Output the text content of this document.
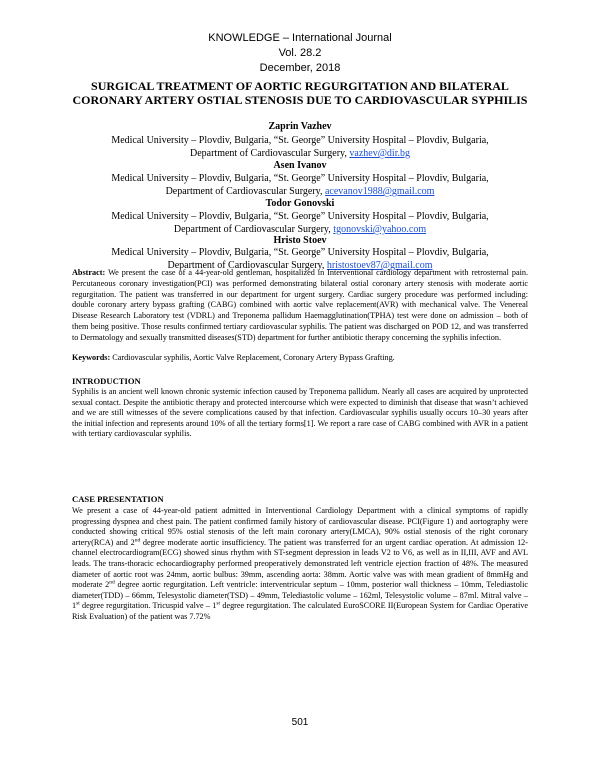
KNOWLEDGE – International Journal
Vol. 28.2
December, 2018
SURGICAL TREATMENT OF AORTIC REGURGITATION AND BILATERAL CORONARY ARTERY OSTIAL STENOSIS DUE TO CARDIOVASCULAR SYPHILIS
Zaprin Vazhev
Medical University – Plovdiv, Bulgaria, “St. George” University Hospital – Plovdiv, Bulgaria,
Department of Cardiovascular Surgery, vazhev@dir.bg
Asen Ivanov
Medical University – Plovdiv, Bulgaria, “St. George” University Hospital – Plovdiv, Bulgaria,
Department of Cardiovascular Surgery, acevanov1988@gmail.com
Todor Gonovski
Medical University – Plovdiv, Bulgaria, “St. George” University Hospital – Plovdiv, Bulgaria,
Department of Cardiovascular Surgery, tgonovski@yahoo.com
Hristo Stoev
Medical University – Plovdiv, Bulgaria, “St. George” University Hospital – Plovdiv, Bulgaria,
Department of Cardiovascular Surgery, hristostoev87@gmail.com
Abstract: We present the case of a 44-year-old gentleman, hospitalized in Interventional cardiology department with retrosternal pain. Percutaneous coronary investigation(PCI) was performed demonstrating bilateral ostial coronary artery stenosis with moderate aortic regurgitation. The patient was transferred in our department for urgent surgery. Cardiac surgery procedure was performed including: double coronary artery bypass grafting (CABG) combined with aortic valve replacement(AVR) with mechanical valve. The Venereal Disease Research Laboratory test (VDRL) and Treponema pallidum Haemagglutination(TPHA) test were done on admission – both of them being positive. Those results confirmed tertiary cardiovascular syphilis. The patient was discharged on POD 12, and was transferred to Dermatology and sexually transmitted diseases(STD) department for further antibiotic therapy concerning the syphilis infection.
Keywords: Cardiovascular syphilis, Aortic Valve Replacement, Coronary Artery Bypass Grafting.
INTRODUCTION
Syphilis is an ancient well known chronic systemic infection caused by Treponema pallidum. Nearly all cases are acquired by unprotected sexual contact. Despite the antibiotic therapy and protected intercourse which were expected to diminish that disease that wasn’t achieved and we are still witnesses of the severe complications caused by that infection. Cardiovascular syphilis usually occurs 10–30 years after the initial infection and represents around 10% of all the tertiary forms[1]. We report a rare case of CABG combined with AVR in a patient with tertiary cardiovascular syphilis.
CASE PRESENTATION
We present a case of 44-year-old patient admitted in Interventional Cardiology Department with a clinical symptoms of rapidly progressing dyspnea and chest pain. The patient confirmed family history of cardiovascular disease. PCI(Figure 1) and aortography were conducted showing critical 95% ostial stenosis of the left main coronary artery(LMCA), 90% ostial stenosis of the right coronary artery(RCA) and 2nd degree moderate aortic insufficiency. The patient was transferred for an urgent cardiac operation. At admission 12-channel electrocardiogram(ECG) showed sinus rhythm with ST-segment depression in leads V2 to V6, as well as in II,III, AVF and AVL leads. The trans-thoracic echocardiography performed preoperatively demonstrated left ventricle ejection fraction of 48%. The measured diameter of aortic root was 24mm, aortic bulbus: 39mm, ascending aorta: 38mm. Aortic valve was with mean gradient of 8mmHg and moderate 2nd degree aortic regurgitation. Left ventricle: interventricular septum – 10mm, posterior wall thickness – 10mm, Telediastolic diameter(TDD) – 66mm, Telesystolic diameter(TSD) – 49mm, Telediastolic volume – 162ml, Telesystolic volume – 87ml. Mitral valve – 1st degree regurgitation. Tricuspid valve – 1st degree regurgitation. The calculated EuroSCORE II(European System for Cardiac Operative Risk Evaluation) of the patient was 7.72%
501
